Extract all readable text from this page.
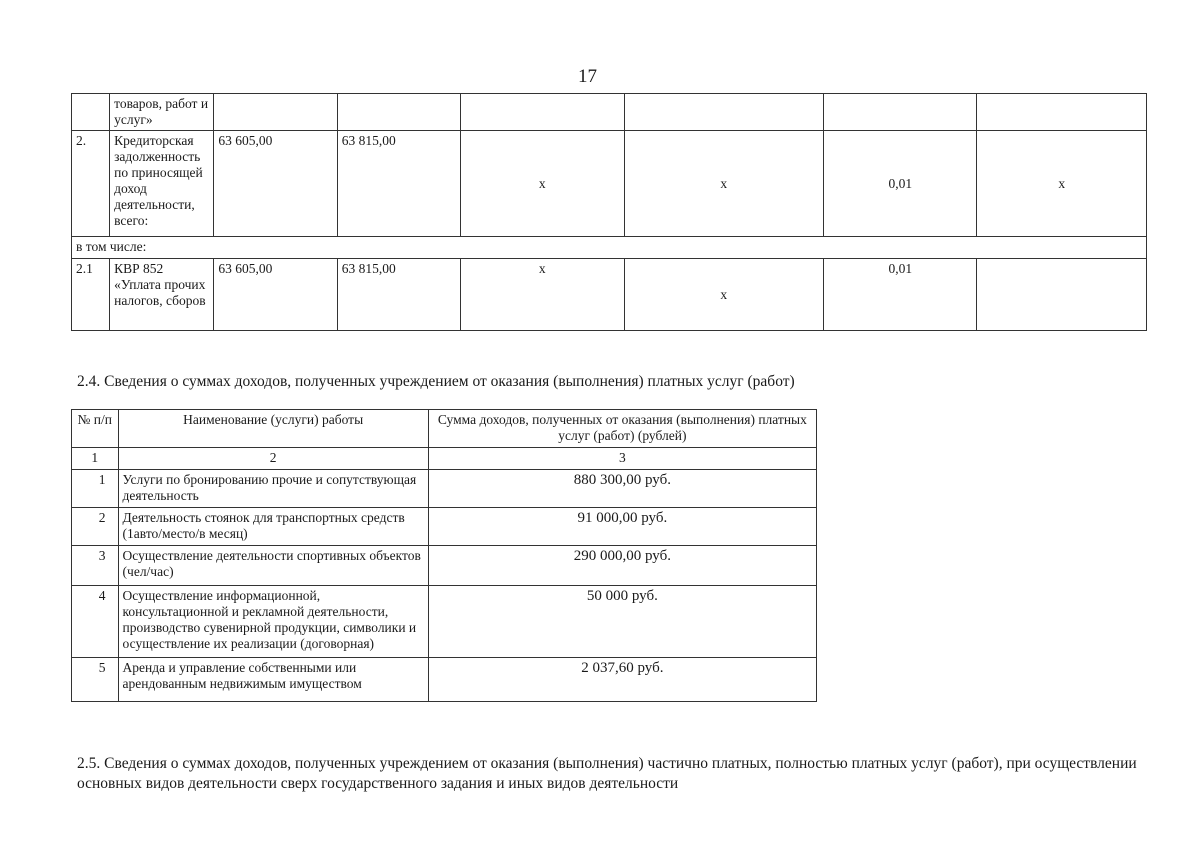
17
	товаров, работ и услуг»						
2.	Кредиторская задолженность по приносящей доход деятельности, всего:	63 605,00	63 815,00	x	x	0,01	x
в том числе:							
2.1	КВР 852 «Уплата прочих налогов, сборов	63 605,00	63 815,00	x	x	0,01	
2.4. Сведения о суммах доходов, полученных учреждением от оказания (выполнения) платных услуг (работ)
№ п/п	Наименование (услуги) работы	Сумма доходов, полученных от оказания (выполнения) платных услуг (работ) (рублей)
1	2	3
1	Услуги по бронированию прочие и сопутствующая деятельность	880 300,00 руб.
2	Деятельность стоянок для транспортных средств (1авто/место/в месяц)	91 000,00 руб.
3	Осуществление деятельности спортивных объектов (чел/час)	290 000,00 руб.
4	Осуществление информационной, консультационной и рекламной деятельности, производство сувенирной продукции, символики и осуществление их реализации (договорная)	50 000 руб.
5	Аренда и управление собственными или арендованным недвижимым имуществом	2 037,60 руб.
2.5. Сведения о суммах доходов, полученных учреждением от оказания (выполнения) частично платных, полностью платных услуг (работ), при осуществлении основных видов деятельности сверх государственного задания и иных видов деятельности
